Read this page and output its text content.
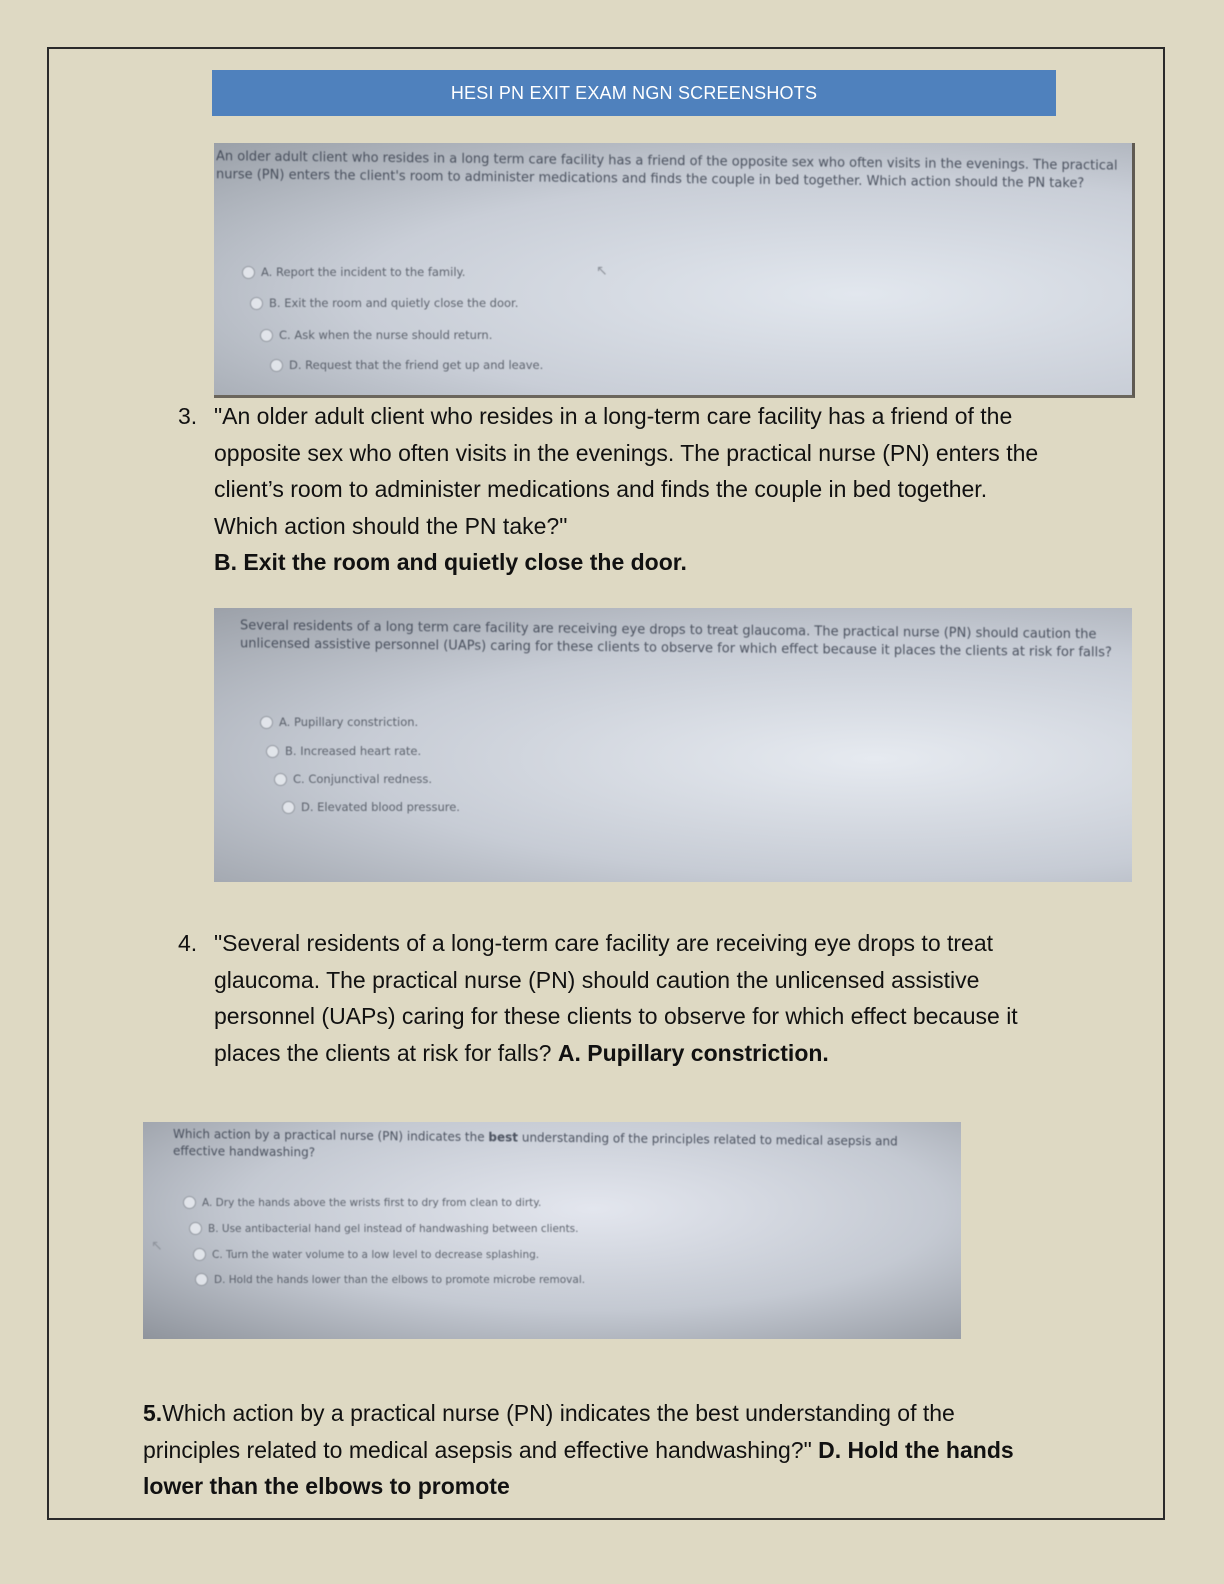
HESI PN EXIT EXAM NGN SCREENSHOTS
An older adult client who resides in a long term care facility has a friend of the opposite sex who often visits in the evenings. The practical nurse (PN) enters the client's room to administer medications and finds the couple in bed together. Which action should the PN take?
A. Report the incident to the family.
B. Exit the room and quietly close the door.
C. Ask when the nurse should return.
D. Request that the friend get up and leave.
↖
3. "An older adult client who resides in a long-term care facility has a friend of the opposite sex who often visits in the evenings. The practical nurse (PN) enters the client’s room to administer medications and finds the couple in bed together. Which action should the PN take?"
B. Exit the room and quietly close the door.
Several residents of a long term care facility are receiving eye drops to treat glaucoma. The practical nurse (PN) should caution the unlicensed assistive personnel (UAPs) caring for these clients to observe for which effect because it places the clients at risk for falls?
A. Pupillary constriction.
B. Increased heart rate.
C. Conjunctival redness.
D. Elevated blood pressure.
4. "Several residents of a long-term care facility are receiving eye drops to treat glaucoma. The practical nurse (PN) should caution the unlicensed assistive personnel (UAPs) caring for these clients to observe for which effect because it places the clients at risk for falls? A. Pupillary constriction.
Which action by a practical nurse (PN) indicates the best understanding of the principles related to medical asepsis and effective handwashing?
A. Dry the hands above the wrists first to dry from clean to dirty.
B. Use antibacterial hand gel instead of handwashing between clients.
C. Turn the water volume to a low level to decrease splashing.
D. Hold the hands lower than the elbows to promote microbe removal.
↖
5.Which action by a practical nurse (PN) indicates the best understanding of the principles related to medical asepsis and effective handwashing?" D. Hold the hands lower than the elbows to promote
